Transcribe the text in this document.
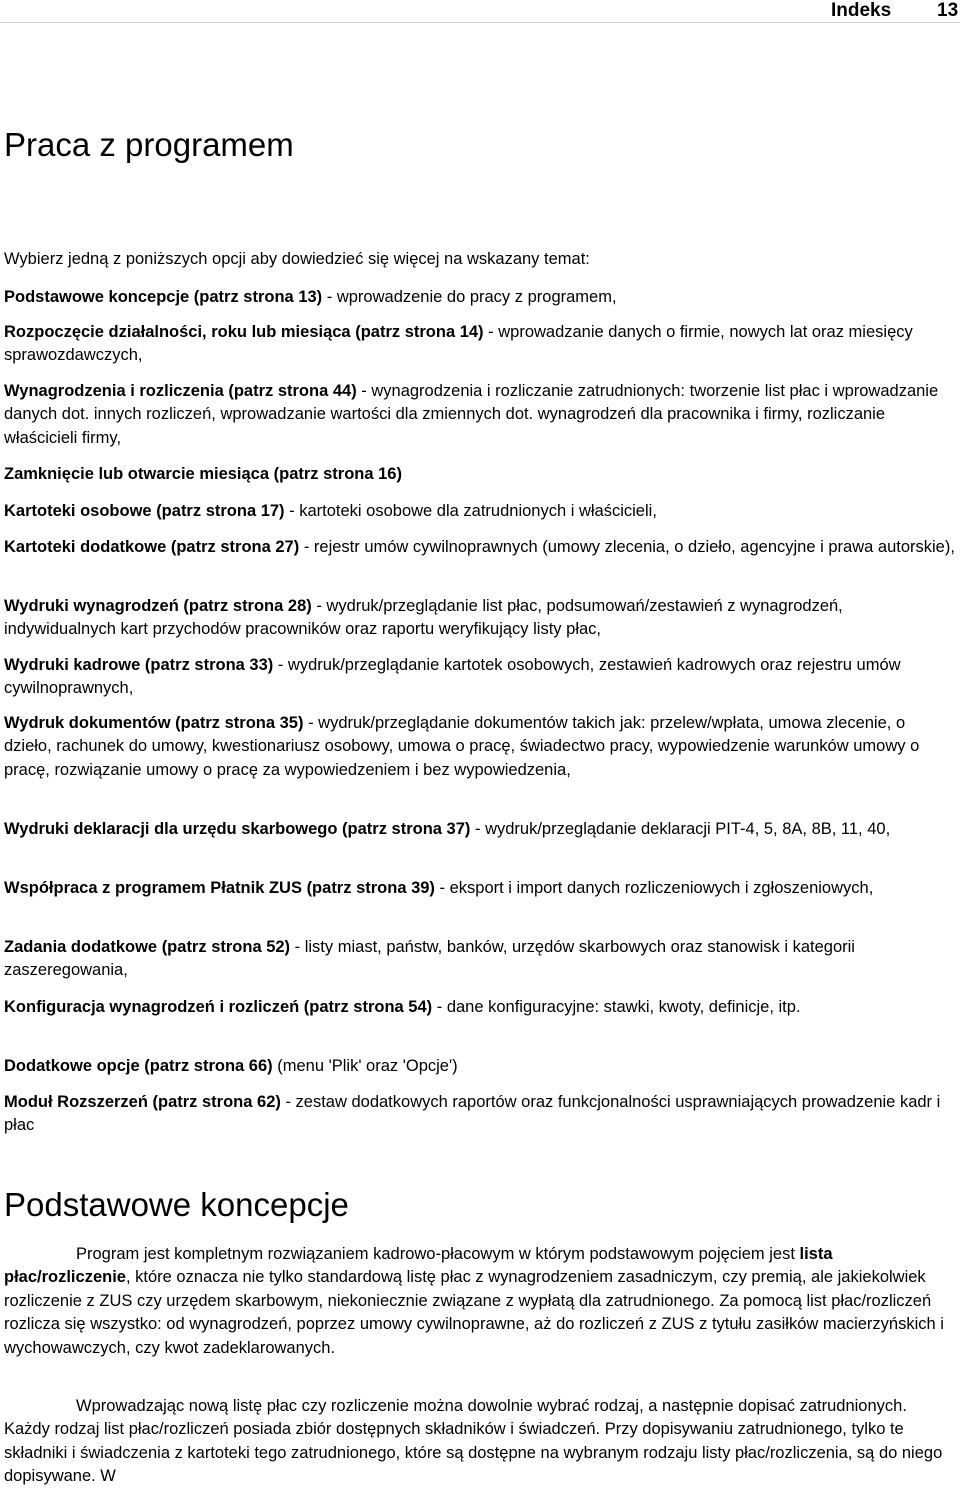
Indeks 13
Praca z programem

Wybierz jedną z poniższych opcji aby dowiedzieć się więcej na wskazany temat:

Podstawowe koncepcje (patrz strona 13) - wprowadzenie do pracy z programem,

Rozpoczęcie działalności, roku lub miesiąca (patrz strona 14) - wprowadzanie danych o firmie, nowych lat oraz miesięcy sprawozdawczych,

Wynagrodzenia i rozliczenia (patrz strona 44) - wynagrodzenia i rozliczanie zatrudnionych: tworzenie list płac i wprowadzanie danych dot. innych rozliczeń, wprowadzanie wartości dla zmiennych dot. wynagrodzeń dla pracownika i firmy, rozliczanie właścicieli firmy,

Zamknięcie lub otwarcie miesiąca (patrz strona 16)

Kartoteki osobowe (patrz strona 17) - kartoteki osobowe dla zatrudnionych i właścicieli,

Kartoteki dodatkowe (patrz strona 27) - rejestr umów cywilnoprawnych (umowy zlecenia, o dzieło, agencyjne i prawa autorskie),

Wydruki wynagrodzeń (patrz strona 28) - wydruk/przeglądanie list płac, podsumowań/zestawień z wynagrodzeń, indywidualnych kart przychodów pracowników oraz raportu weryfikujący listy płac,

Wydruki kadrowe (patrz strona 33) - wydruk/przeglądanie kartotek osobowych, zestawień kadrowych oraz rejestru umów cywilnoprawnych,

Wydruk dokumentów (patrz strona 35) - wydruk/przeglądanie dokumentów takich jak: przelew/wpłata, umowa zlecenie, o dzieło, rachunek do umowy, kwestionariusz osobowy, umowa o pracę, świadectwo pracy, wypowiedzenie warunków umowy o pracę, rozwiązanie umowy o pracę za wypowiedzeniem i bez wypowiedzenia,

Wydruki deklaracji dla urzędu skarbowego (patrz strona 37) - wydruk/przeglądanie deklaracji PIT-4, 5, 8A, 8B, 11, 40,

Współpraca z programem Płatnik ZUS (patrz strona 39) - eksport i import danych rozliczeniowych i zgłoszeniowych,

Zadania dodatkowe (patrz strona 52) - listy miast, państw, banków, urzędów skarbowych oraz stanowisk i kategorii zaszeregowania,

Konfiguracja wynagrodzeń i rozliczeń (patrz strona 54) - dane konfiguracyjne: stawki, kwoty, definicje, itp.

Dodatkowe opcje (patrz strona 66) (menu 'Plik' oraz 'Opcje')

Moduł Rozszerzeń (patrz strona 62) - zestaw dodatkowych raportów oraz funkcjonalności usprawniających prowadzenie kadr i płac

Podstawowe koncepcje

Program jest kompletnym rozwiązaniem kadrowo-płacowym w którym podstawowym pojęciem jest lista płac/rozliczenie, które oznacza nie tylko standardową listę płac z wynagrodzeniem zasadniczym, czy premią, ale jakiekolwiek rozliczenie z ZUS czy urzędem skarbowym, niekoniecznie związane z wypłatą dla zatrudnionego. Za pomocą list płac/rozliczeń rozlicza się wszystko: od wynagrodzeń, poprzez umowy cywilnoprawne, aż do rozliczeń z ZUS z tytułu zasiłków macierzyńskich i wychowawczych, czy kwot zadeklarowanych.

Wprowadzając nową listę płac czy rozliczenie można dowolnie wybrać rodzaj, a następnie dopisać zatrudnionych. Każdy rodzaj list płac/rozliczeń posiada zbiór dostępnych składników i świadczeń. Przy dopisywaniu zatrudnionego, tylko te składniki i świadczenia z kartoteki tego zatrudnionego, które są dostępne na wybranym rodzaju listy płac/rozliczenia, są do niego dopisywane. W
